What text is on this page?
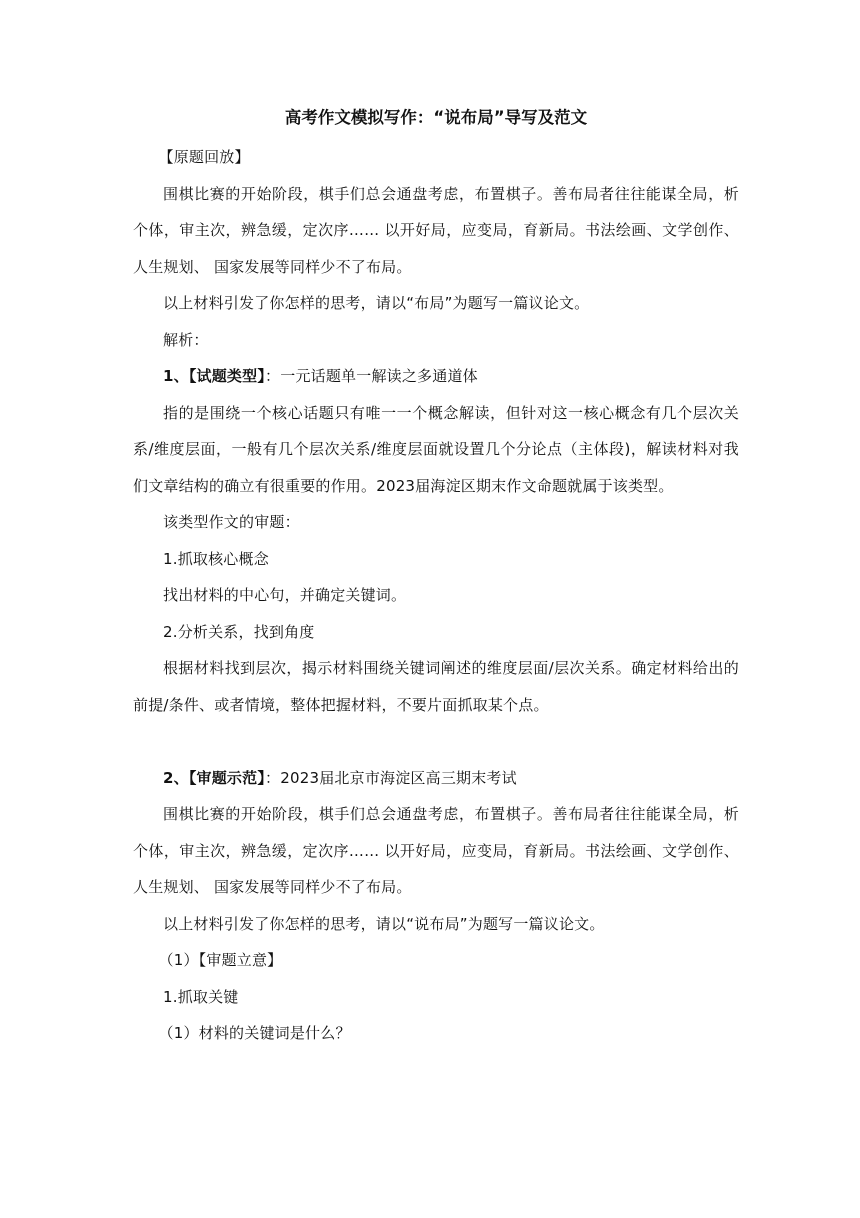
高考作文模拟写作：“说布局”导写及范文

【原题回放】

围棋比赛的开始阶段，棋手们总会通盘考虑，布置棋子。善布局者往往能谋全局，析个体，审主次，辨急缓，定次序…… 以开好局，应变局，育新局。书法绘画、文学创作、人生规划、 国家发展等同样少不了布局。

以上材料引发了你怎样的思考，请以“布局”为题写一篇议论文。

解析：

1、【试题类型】：一元话题单一解读之多通道体

指的是围绕一个核心话题只有唯一一个概念解读，但针对这一核心概念有几个层次关系/维度层面，一般有几个层次关系/维度层面就设置几个分论点（主体段)，解读材料对我们文章结构的确立有很重要的作用。2023届海淀区期末作文命题就属于该类型。

该类型作文的审题：

1.抓取核心概念

找出材料的中心句，并确定关键词。

2.分析关系，找到角度

根据材料找到层次，揭示材料围绕关键词阐述的维度层面/层次关系。确定材料给出的前提/条件、或者情境，整体把握材料，不要片面抓取某个点。

2、【审题示范】：2023届北京市海淀区高三期末考试

围棋比赛的开始阶段，棋手们总会通盘考虑，布置棋子。善布局者往往能谋全局，析个体，审主次，辨急缓，定次序…… 以开好局，应变局，育新局。书法绘画、文学创作、人生规划、 国家发展等同样少不了布局。

以上材料引发了你怎样的思考，请以“说布局”为题写一篇议论文。

（1）【审题立意】

1.抓取关键

（1）材料的关键词是什么？
